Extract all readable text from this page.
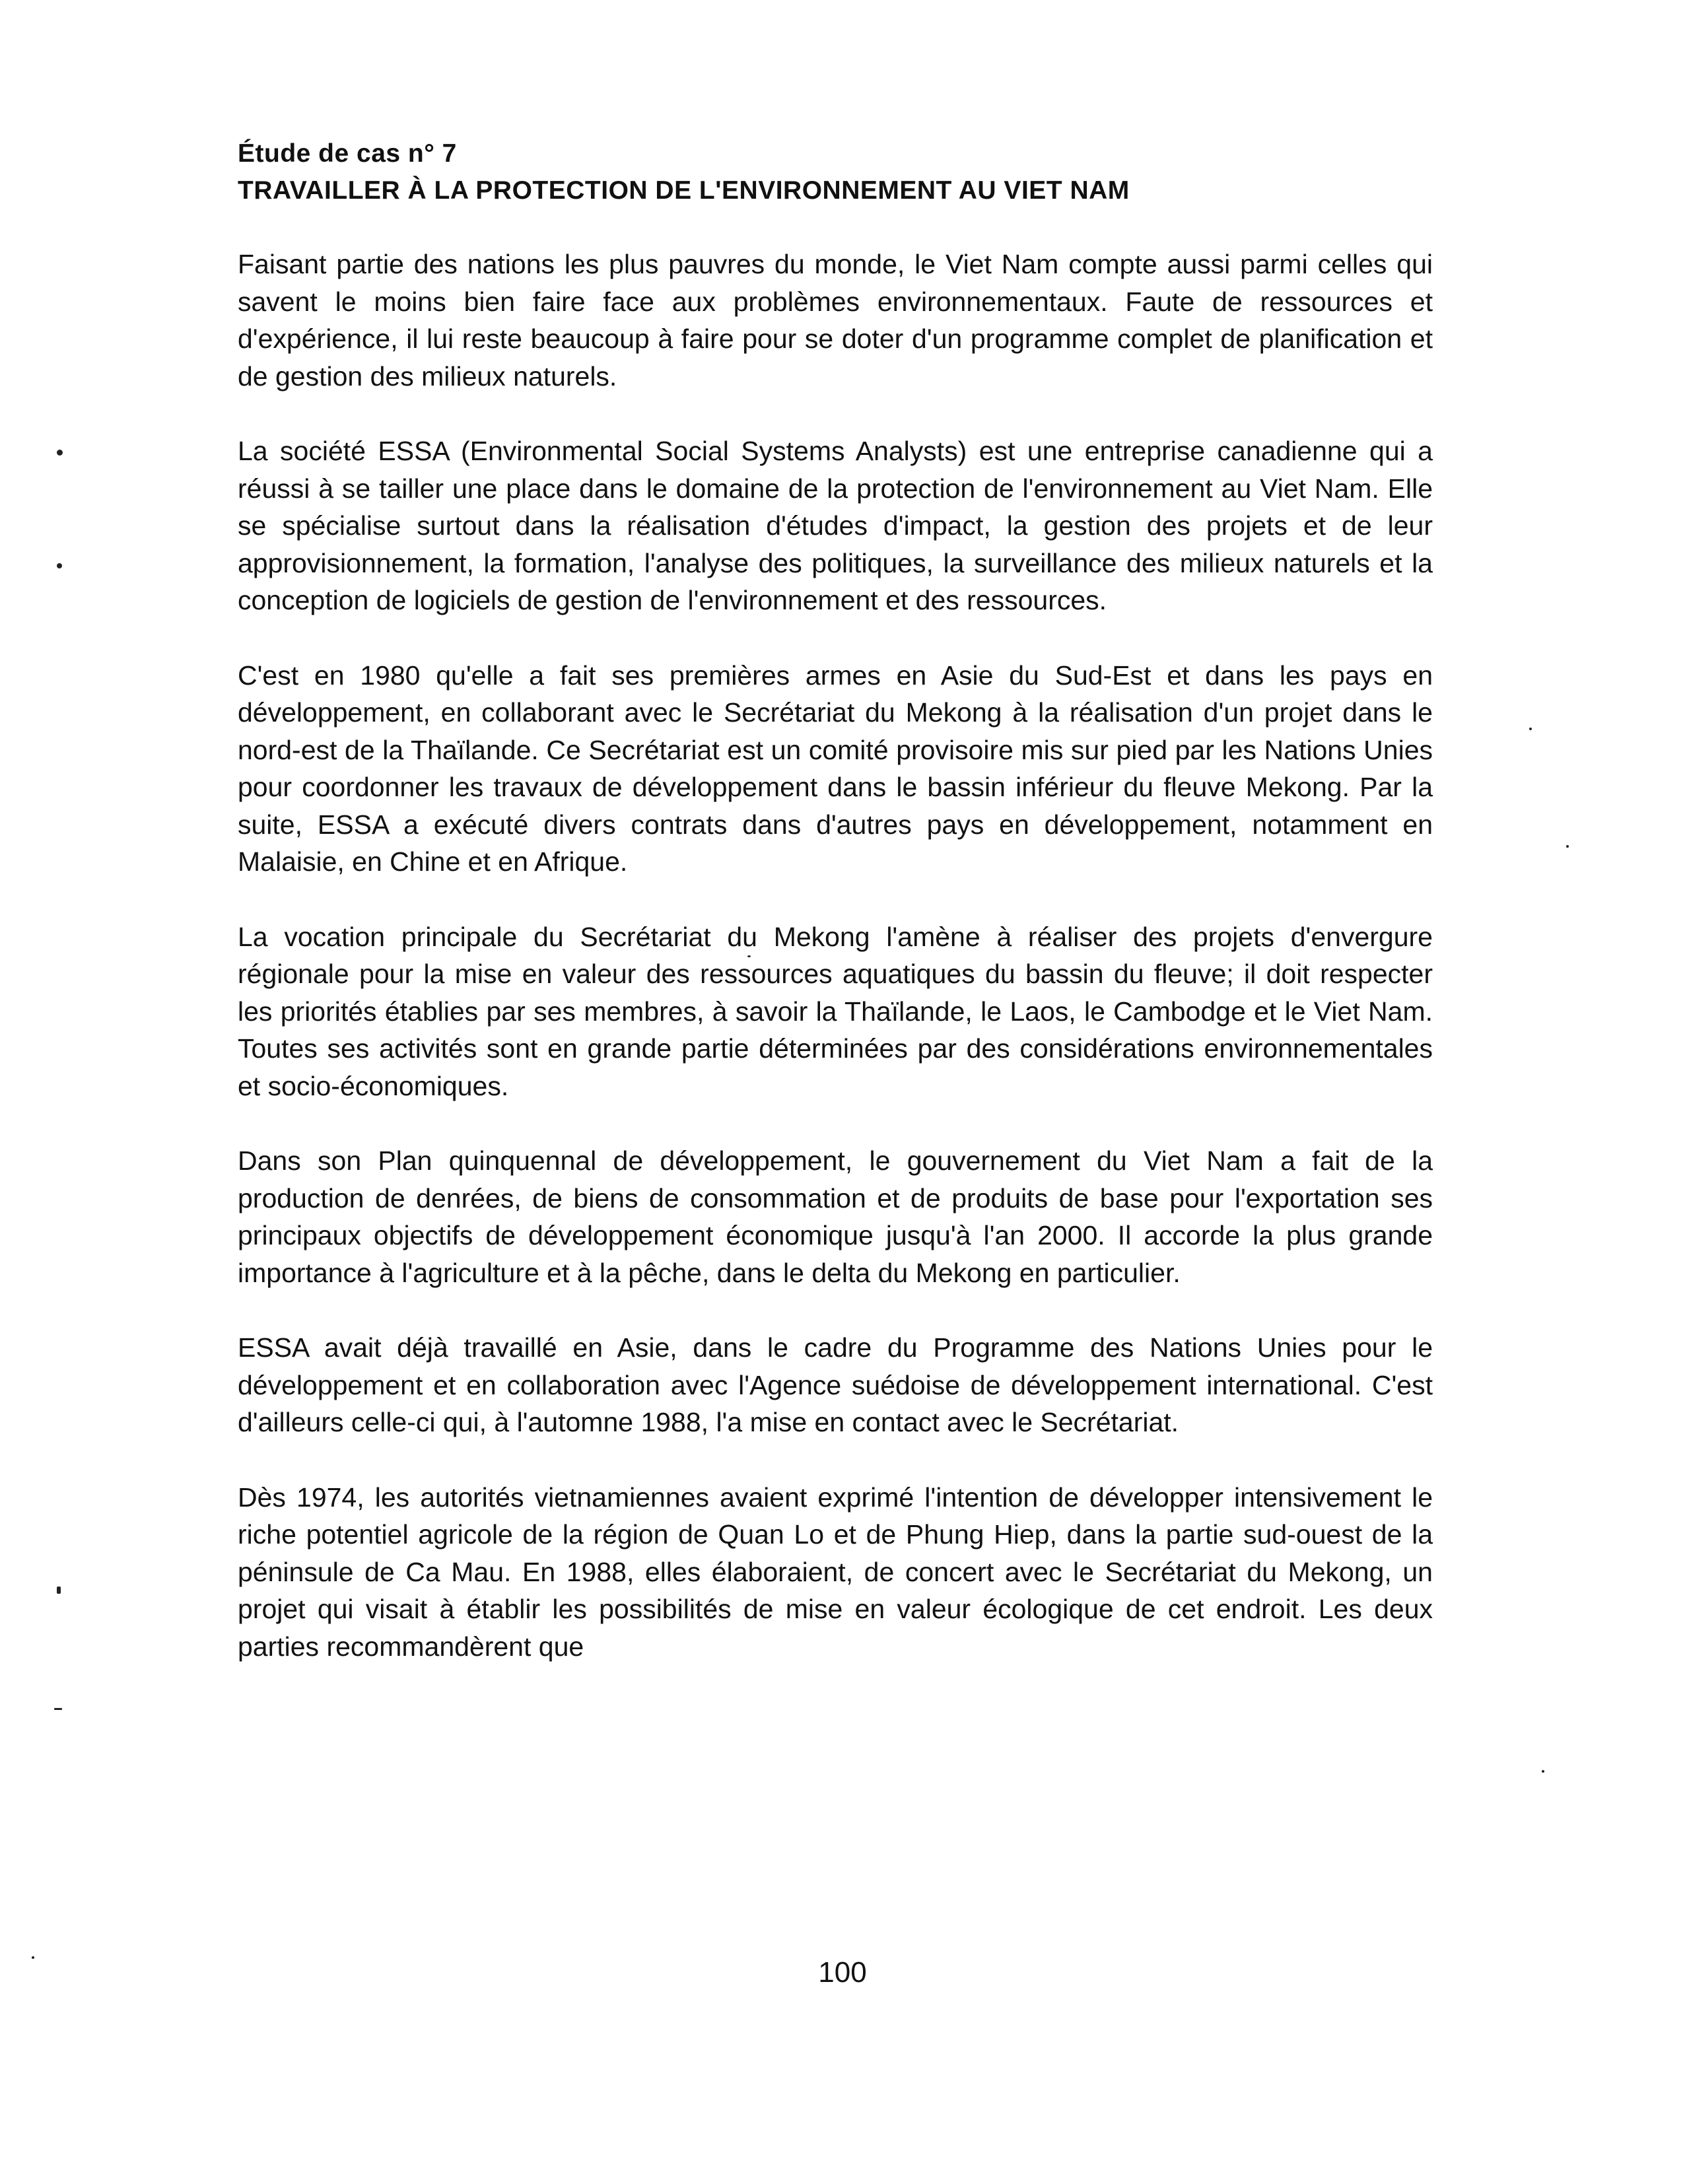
Étude de cas n° 7

TRAVAILLER À LA PROTECTION DE L'ENVIRONNEMENT AU VIET NAM

Faisant partie des nations les plus pauvres du monde, le Viet Nam compte aussi parmi celles qui savent le moins bien faire face aux problèmes environnementaux. Faute de ressources et d'expérience, il lui reste beaucoup à faire pour se doter d'un programme complet de planification et de gestion des milieux naturels.

La société ESSA (Environmental Social Systems Analysts) est une entreprise canadienne qui a réussi à se tailler une place dans le domaine de la protection de l'environnement au Viet Nam. Elle se spécialise surtout dans la réalisation d'études d'impact, la gestion des projets et de leur approvisionnement, la formation, l'analyse des politiques, la surveillance des milieux naturels et la conception de logiciels de gestion de l'environnement et des ressources.

C'est en 1980 qu'elle a fait ses premières armes en Asie du Sud-Est et dans les pays en développement, en collaborant avec le Secrétariat du Mekong à la réalisation d'un projet dans le nord-est de la Thaïlande. Ce Secrétariat est un comité provisoire mis sur pied par les Nations Unies pour coordonner les travaux de développement dans le bassin inférieur du fleuve Mekong. Par la suite, ESSA a exécuté divers contrats dans d'autres pays en développement, notamment en Malaisie, en Chine et en Afrique.

La vocation principale du Secrétariat du Mekong l'amène à réaliser des projets d'envergure régionale pour la mise en valeur des ressources aquatiques du bassin du fleuve; il doit respecter les priorités établies par ses membres, à savoir la Thaïlande, le Laos, le Cambodge et le Viet Nam. Toutes ses activités sont en grande partie déterminées par des considérations environnementales et socio-économiques.

Dans son Plan quinquennal de développement, le gouvernement du Viet Nam a fait de la production de denrées, de biens de consommation et de produits de base pour l'exportation ses principaux objectifs de développement économique jusqu'à l'an 2000. Il accorde la plus grande importance à l'agriculture et à la pêche, dans le delta du Mekong en particulier.

ESSA avait déjà travaillé en Asie, dans le cadre du Programme des Nations Unies pour le développement et en collaboration avec l'Agence suédoise de développement international. C'est d'ailleurs celle-ci qui, à l'automne 1988, l'a mise en contact avec le Secrétariat.

Dès 1974, les autorités vietnamiennes avaient exprimé l'intention de développer intensivement le riche potentiel agricole de la région de Quan Lo et de Phung Hiep, dans la partie sud-ouest de la péninsule de Ca Mau. En 1988, elles élaboraient, de concert avec le Secrétariat du Mekong, un projet qui visait à établir les possibilités de mise en valeur écologique de cet endroit. Les deux parties recommandèrent que

100
